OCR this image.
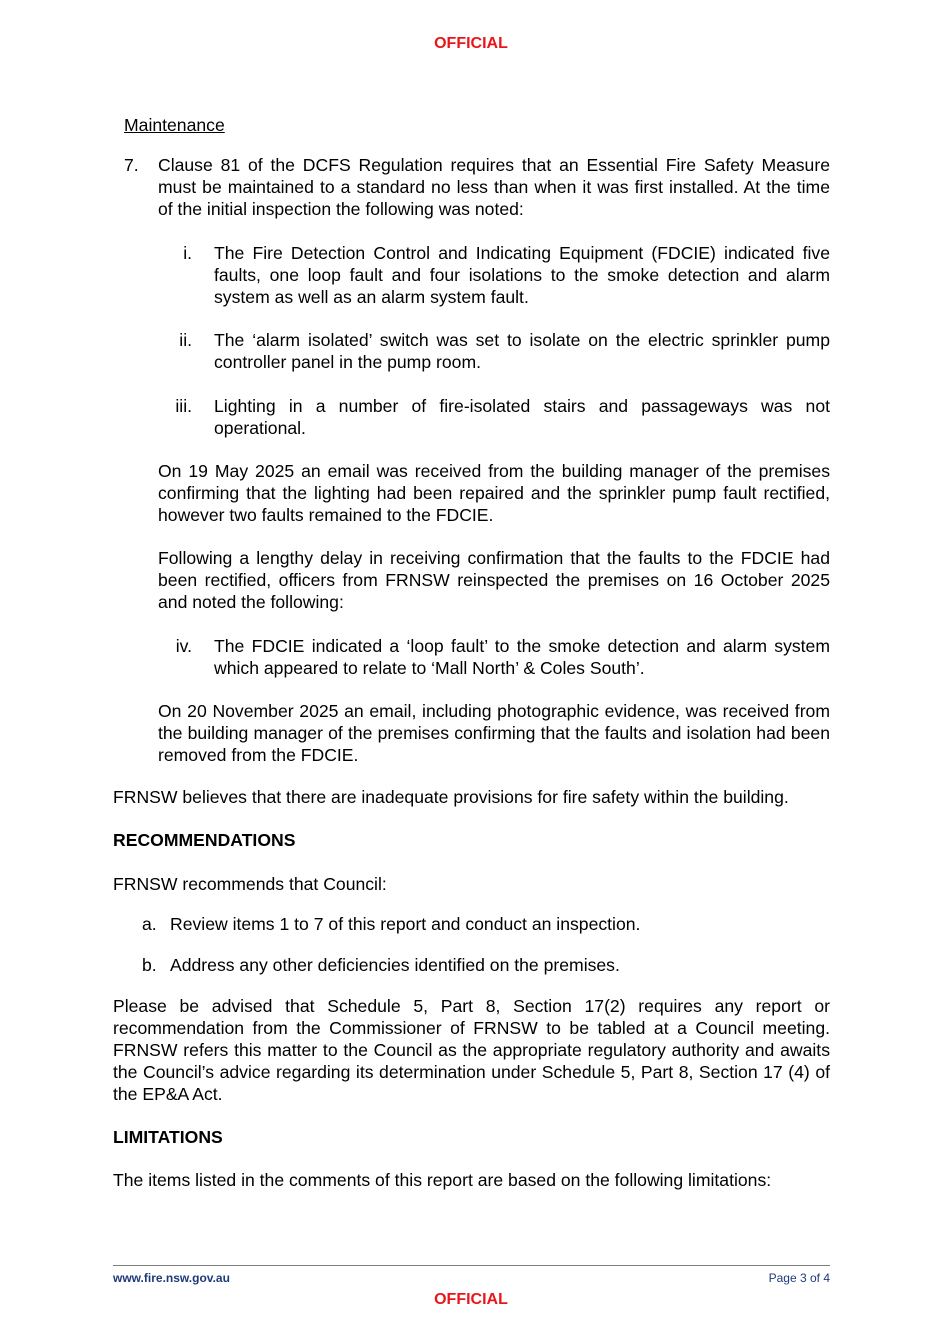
OFFICIAL
Maintenance
7. Clause 81 of the DCFS Regulation requires that an Essential Fire Safety Measure must be maintained to a standard no less than when it was first installed. At the time of the initial inspection the following was noted:
i. The Fire Detection Control and Indicating Equipment (FDCIE) indicated five faults, one loop fault and four isolations to the smoke detection and alarm system as well as an alarm system fault.
ii. The ‘alarm isolated’ switch was set to isolate on the electric sprinkler pump controller panel in the pump room.
iii. Lighting in a number of fire-isolated stairs and passageways was not operational.
On 19 May 2025 an email was received from the building manager of the premises confirming that the lighting had been repaired and the sprinkler pump fault rectified, however two faults remained to the FDCIE.
Following a lengthy delay in receiving confirmation that the faults to the FDCIE had been rectified, officers from FRNSW reinspected the premises on 16 October 2025 and noted the following:
iv. The FDCIE indicated a ‘loop fault’ to the smoke detection and alarm system which appeared to relate to ‘Mall North’ & Coles South’.
On 20 November 2025 an email, including photographic evidence, was received from the building manager of the premises confirming that the faults and isolation had been removed from the FDCIE.
FRNSW believes that there are inadequate provisions for fire safety within the building.
RECOMMENDATIONS
FRNSW recommends that Council:
a. Review items 1 to 7 of this report and conduct an inspection.
b. Address any other deficiencies identified on the premises.
Please be advised that Schedule 5, Part 8, Section 17(2) requires any report or recommendation from the Commissioner of FRNSW to be tabled at a Council meeting. FRNSW refers this matter to the Council as the appropriate regulatory authority and awaits the Council’s advice regarding its determination under Schedule 5, Part 8, Section 17 (4) of the EP&A Act.
LIMITATIONS
The items listed in the comments of this report are based on the following limitations:
www.fire.nsw.gov.au	Page 3 of 4
OFFICIAL
